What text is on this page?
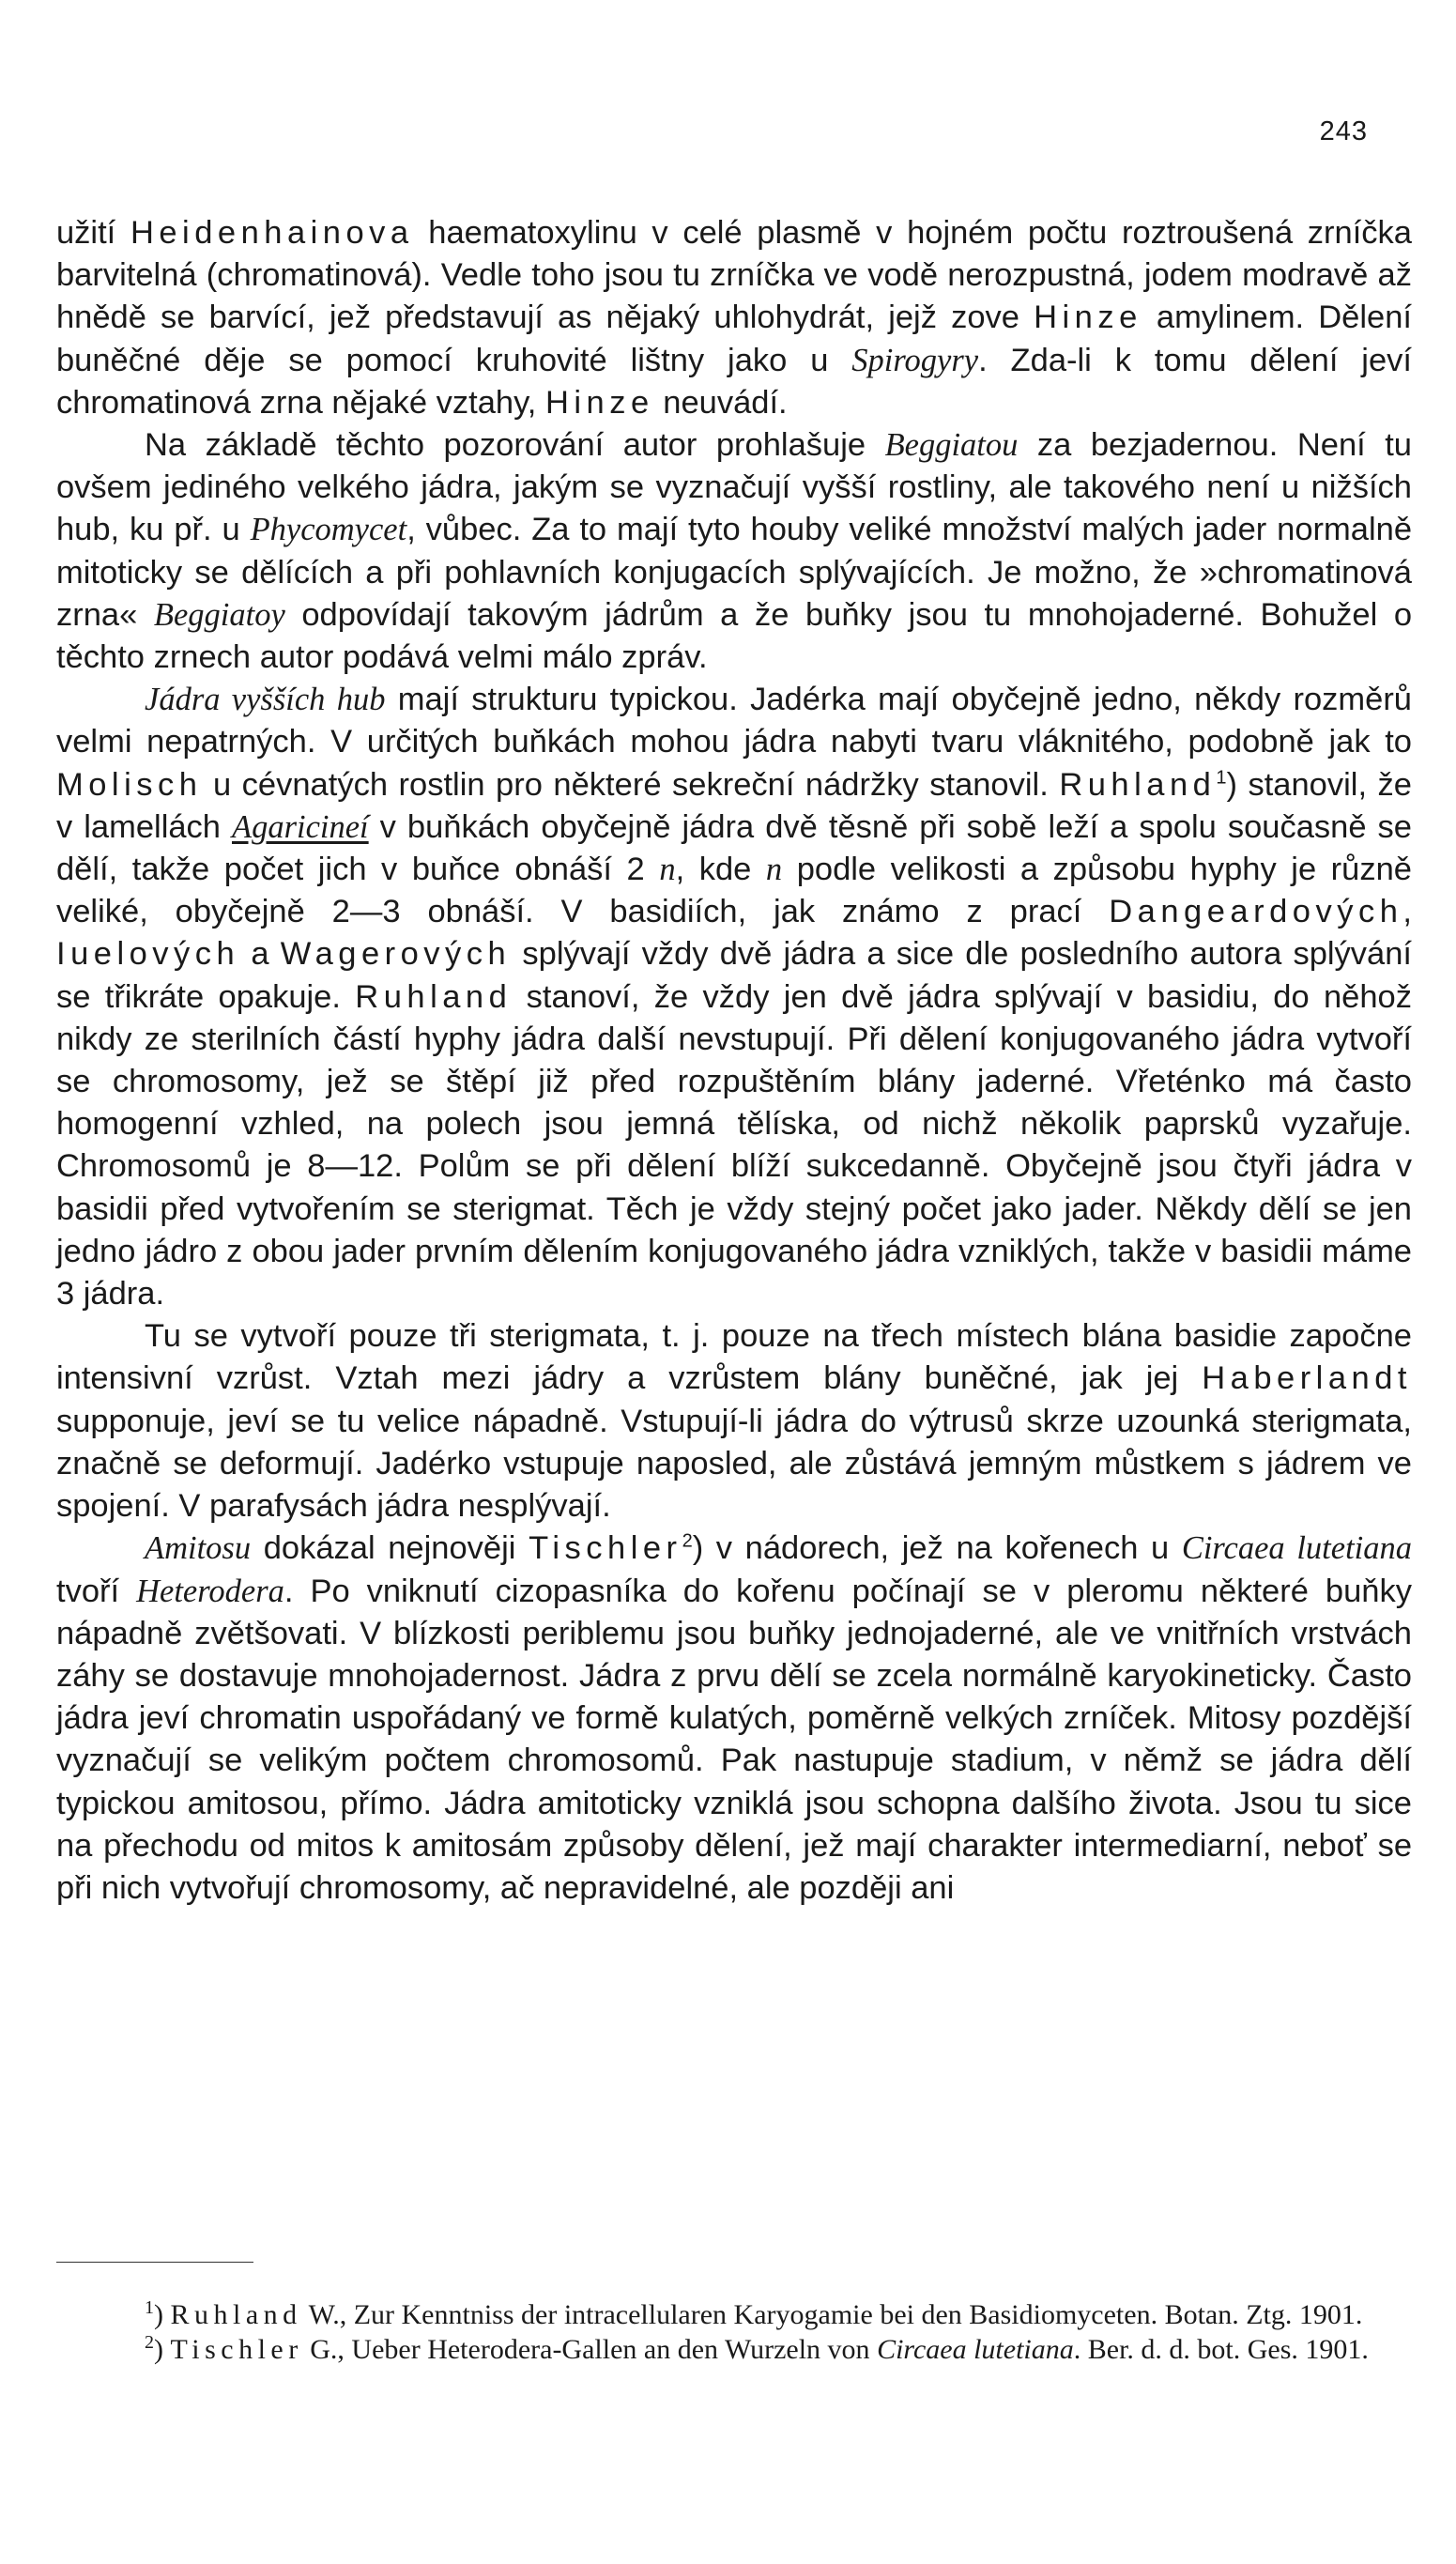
243

užití Heidenhainova haematoxylinu v celé plasmě v hojném počtu roztroušená zrníčka barvitelná (chromatinová). Vedle toho jsou tu zrníčka ve vodě nerozpustná, jodem modravě až hnědě se barvící, jež představují as nějaký uhlohydrát, jejž zove Hinze amylinem. Dělení buněčné děje se pomocí kruhovité lištny jako u Spirogyry. Zda-li k tomu dělení jeví chromatinová zrna nějaké vztahy, Hinze neuvádí.

Na základě těchto pozorování autor prohlašuje Beggiatou za bezjadernou. Není tu ovšem jediného velkého jádra, jakým se vyznačují vyšší rostliny, ale takového není u nižších hub, ku př. u Phycomycet, vůbec. Za to mají tyto houby veliké množství malých jader normalně mitoticky se dělících a při pohlavních konjugacích splývajících. Je možno, že »chromatinová zrna« Beggiatoy odpovídají takovým jádrům a že buňky jsou tu mnohojaderné. Bohužel o těchto zrnech autor podává velmi málo zpráv.

Jádra vyšších hub mají strukturu typickou. Jadérka mají obyčejně jedno, někdy rozměrů velmi nepatrných. V určitých buňkách mohou jádra nabyti tvaru vláknitého, podobně jak to Molisch u cévnatých rostlin pro některé sekreční nádržky stanovil. Ruhland$^1$) stanovil, že v lamellách Agaricineí v buňkách obyčejně jádra dvě těsně při sobě leží a spolu současně se dělí, takže počet jich v buňce obnáší 2 n, kde n podle velikosti a způsobu hyphy je různě veliké, obyčejně 2—3 obnáší. V basidiích, jak známo z prací Dangeardových, Iuelových a Wagerových splývají vždy dvě jádra a sice dle posledního autora splývání se třikráte opakuje. Ruhland stanoví, že vždy jen dvě jádra splývají v basidiu, do něhož nikdy ze sterilních částí hyphy jádra další nevstupují. Při dělení konjugovaného jádra vytvoří se chromosomy, jež se štěpí již před rozpuštěním blány jaderné. Vřeténko má často homogenní vzhled, na polech jsou jemná tělíska, od nichž několik paprsků vyzařuje. Chromosomů je 8—12. Polům se při dělení blíží sukcedanně. Obyčejně jsou čtyři jádra v basidii před vytvořením se sterigmat. Těch je vždy stejný počet jako jader. Někdy dělí se jen jedno jádro z obou jader prvním dělením konjugovaného jádra vzniklých, takže v basidii máme 3 jádra.

Tu se vytvoří pouze tři sterigmata, t. j. pouze na třech místech blána basidie započne intensivní vzrůst. Vztah mezi jádry a vzrůstem blány buněčné, jak jej Haberlandt supponuje, jeví se tu velice nápadně. Vstupují-li jádra do výtrusů skrze uzounká sterigmata, značně se deformují. Jadérko vstupuje naposled, ale zůstává jemným můstkem s jádrem ve spojení. V parafysách jádra nesplývají.

Amitosu dokázal nejnověji Tischler$^2$) v nádorech, jež na kořenech u Circaea lutetiana tvoří Heterodera. Po vniknutí cizopasníka do kořenu počínají se v pleromu některé buňky nápadně zvětšovati. V blízkosti periblemu jsou buňky jednojaderné, ale ve vnitřních vrstvách záhy se dostavuje mnohojadernost. Jádra z prvu dělí se zcela normálně karyokineticky. Často jádra jeví chromatin uspořádaný ve formě kulatých, poměrně velkých zrníček. Mitosy pozdější vyznačují se velikým počtem chromosomů. Pak nastupuje stadium, v němž se jádra dělí typickou amitosou, přímo. Jádra amitoticky vzniklá jsou schopna dalšího života. Jsou tu sice na přechodu od mitos k amitosám způsoby dělení, jež mají charakter intermediarní, neboť se při nich vytvořují chromosomy, ač nepravidelné, ale později ani

$^1$) Ruhland W., Zur Kenntniss der intracellularen Karyogamie bei den Basidiomyceten. Botan. Ztg. 1901.

$^2$) Tischler G., Ueber Heterodera-Gallen an den Wurzeln von Circaea lutetiana. Ber. d. d. bot. Ges. 1901.
